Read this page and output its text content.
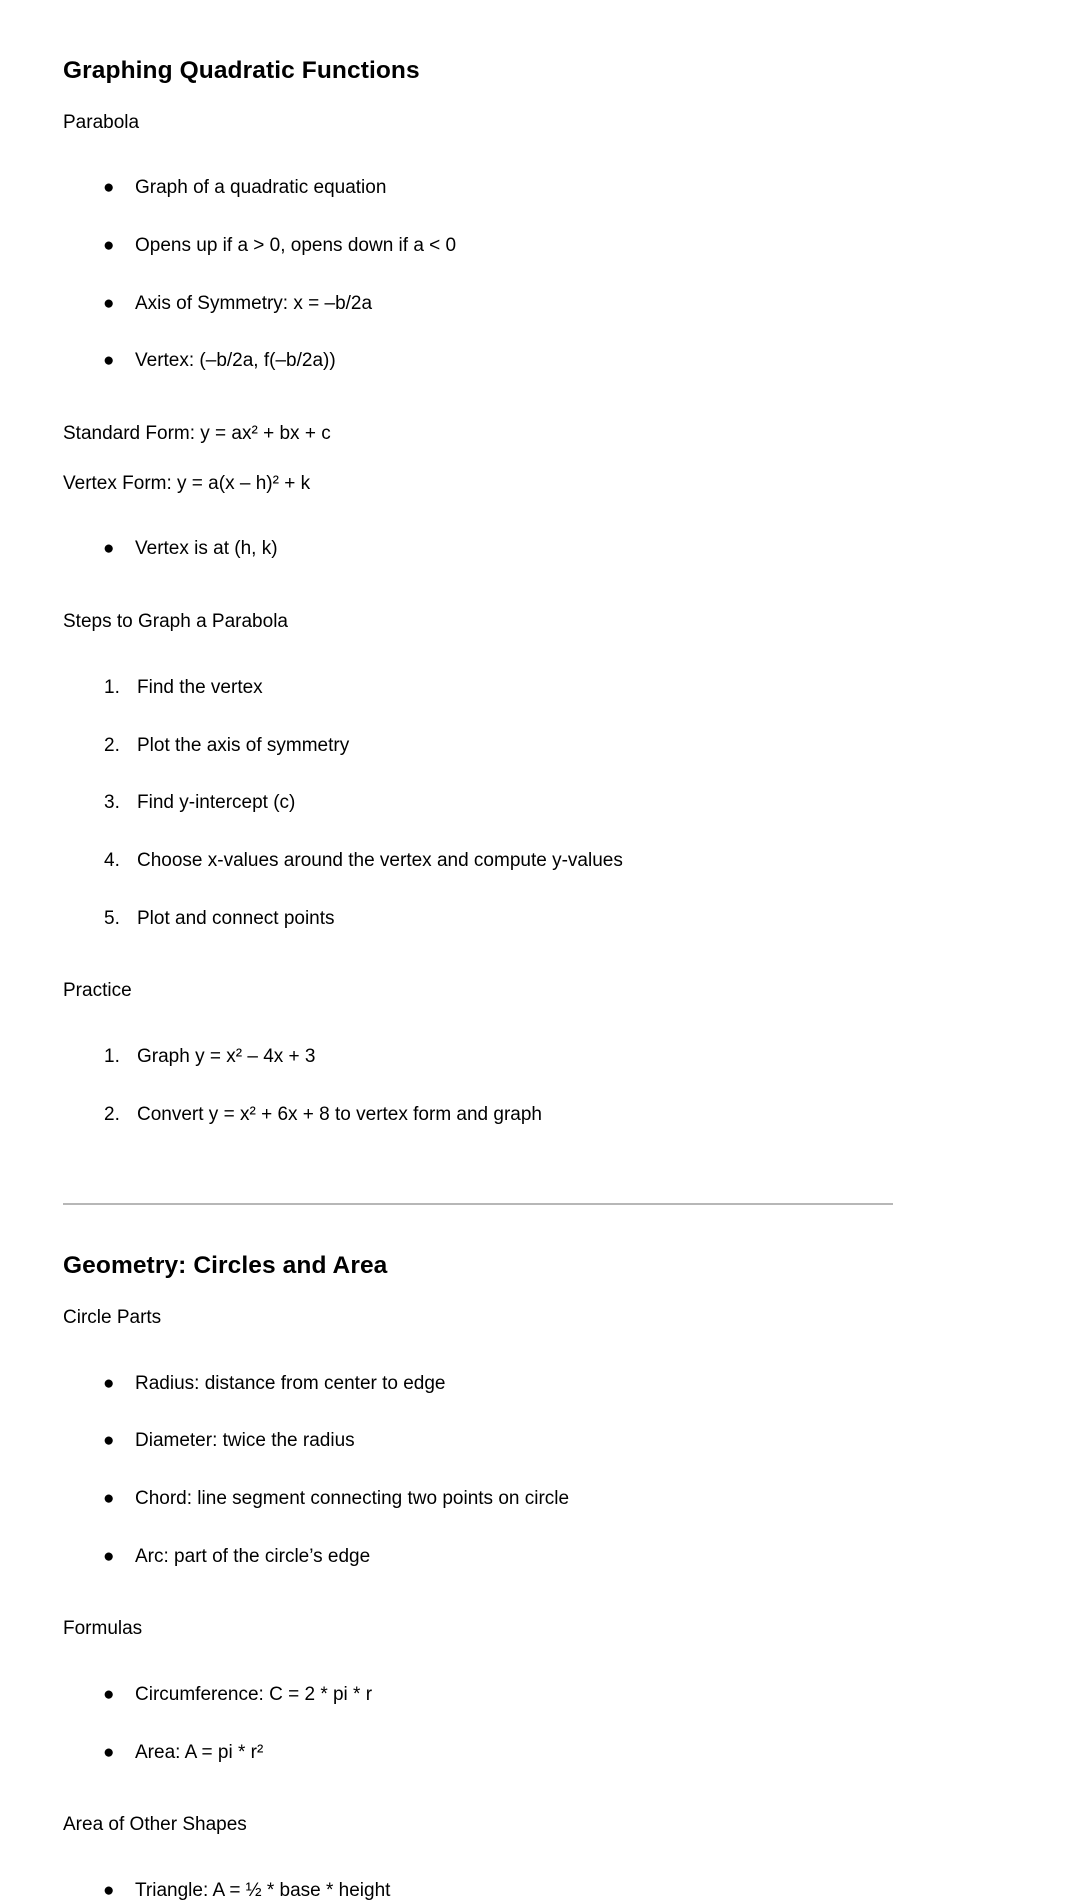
Graphing Quadratic Functions

Parabola

●	Graph of a quadratic equation
●	Opens up if a > 0, opens down if a < 0
●	Axis of Symmetry: x = –b/2a
●	Vertex: (–b/2a, f(–b/2a))

Standard Form: y = ax² + bx + c

Vertex Form: y = a(x – h)² + k

●	Vertex is at (h, k)

Steps to Graph a Parabola

1. Find the vertex
2. Plot the axis of symmetry
3. Find y-intercept (c)
4. Choose x-values around the vertex and compute y-values
5. Plot and connect points

Practice

1. Graph y = x² – 4x + 3
2. Convert y = x² + 6x + 8 to vertex form and graph
Geometry: Circles and Area

Circle Parts

●	Radius: distance from center to edge
●	Diameter: twice the radius
●	Chord: line segment connecting two points on circle
●	Arc: part of the circle’s edge

Formulas

●	Circumference: C = 2 * pi * r
●	Area: A = pi * r²

Area of Other Shapes

●	Triangle: A = ½ * base * height
